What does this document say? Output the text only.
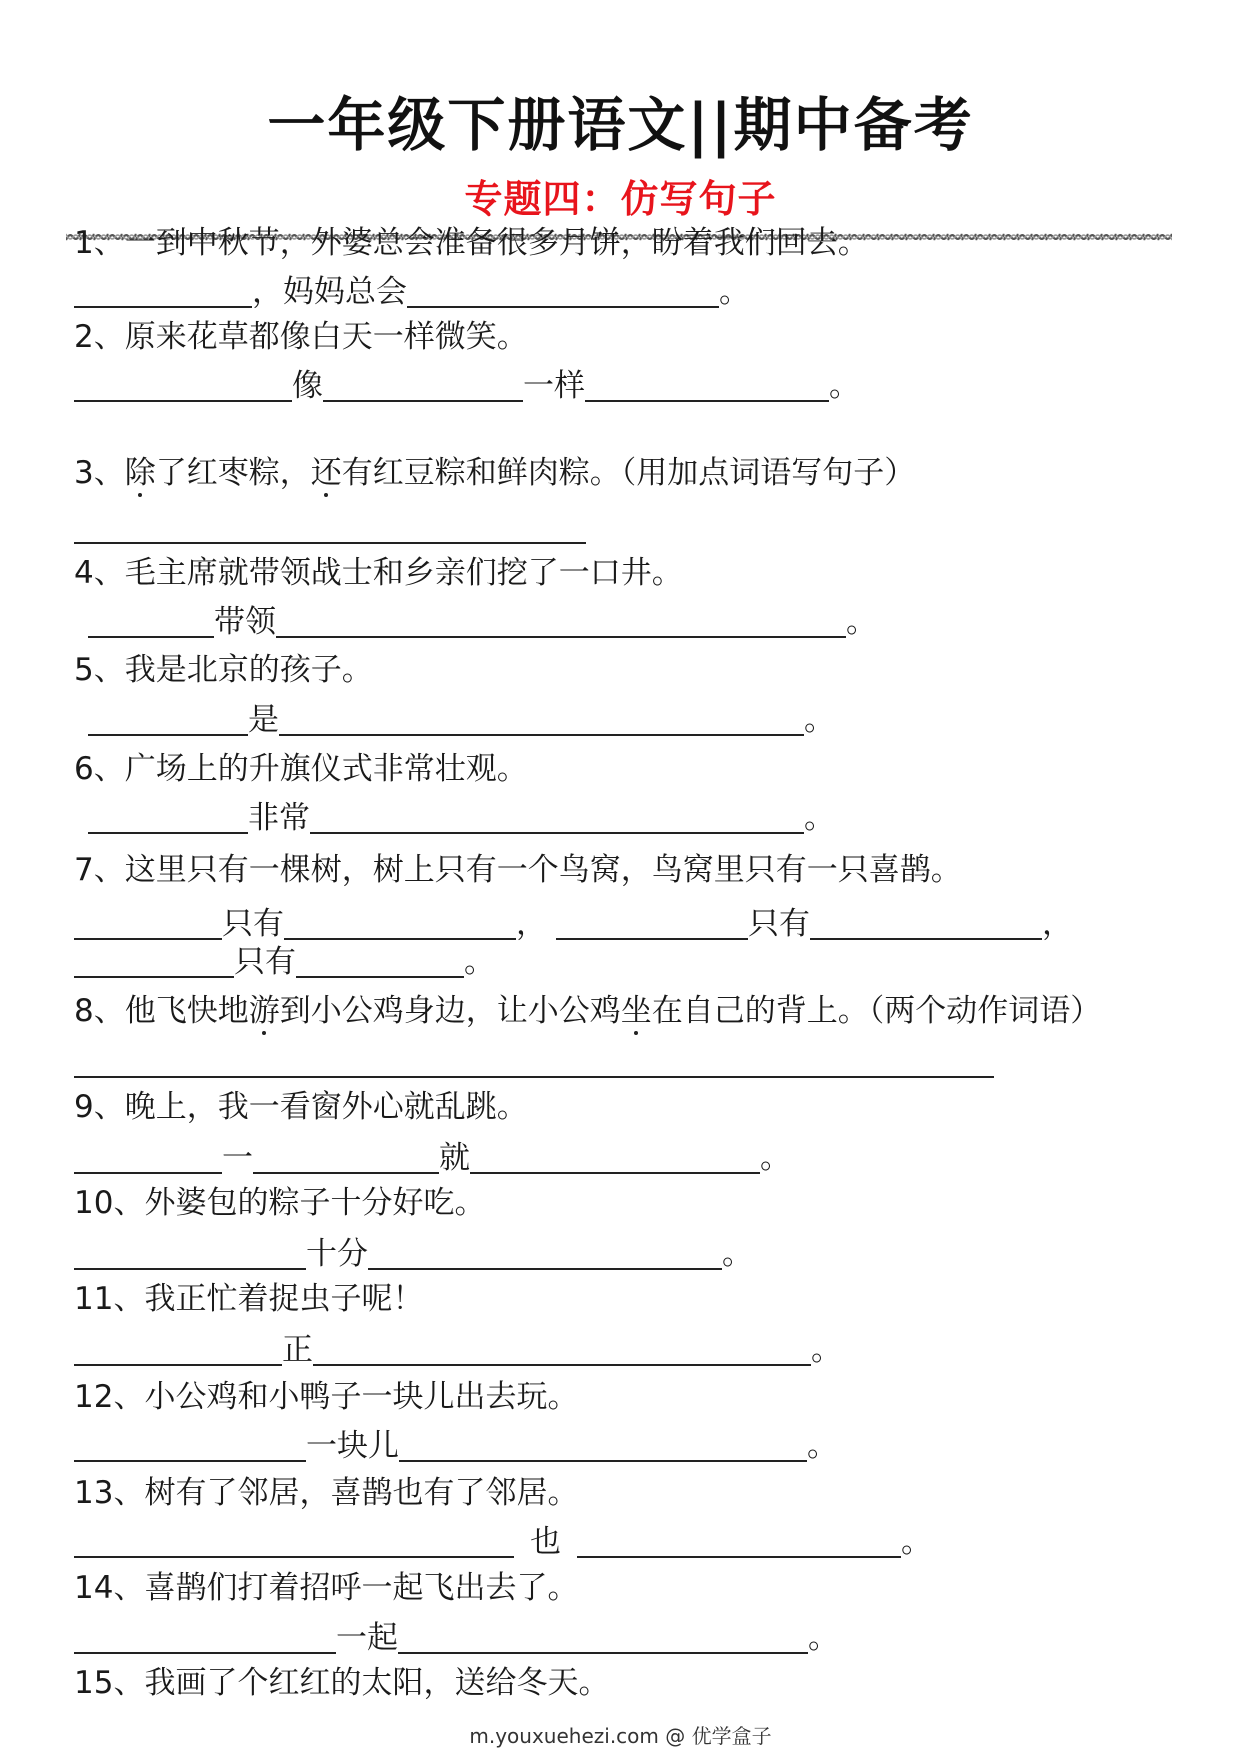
一年级下册语文||期中备考
专题四：仿写句子
1、一到中秋节，外婆总会准备很多月饼，盼着我们回去。
，妈妈总会	。
2、原来花草都像白天一样微笑。
像	一样	。
3、除了红枣粽，还有红豆粽和鲜肉粽。（用加点词语写句子）
4、毛主席就带领战士和乡亲们挖了一口井。
带领	。
5、我是北京的孩子。
是	。
6、广场上的升旗仪式非常壮观。
非常	。
7、这里只有一棵树，树上只有一个鸟窝，鸟窝里只有一只喜鹊。
只有	，	只有	，
只有	。
8、他飞快地游到小公鸡身边，让小公鸡坐在自己的背上。（两个动作词语）
9、晚上，我一看窗外心就乱跳。
一	就	。
10、外婆包的粽子十分好吃。
十分	。
11、我正忙着捉虫子呢！
正	。
12、小公鸡和小鸭子一块儿出去玩。
一块儿	。
13、树有了邻居，喜鹊也有了邻居。
也	。
14、喜鹊们打着招呼一起飞出去了。
一起	。
15、我画了个红红的太阳，送给冬天。
m.youxuehezi.com @ 优学盒子
